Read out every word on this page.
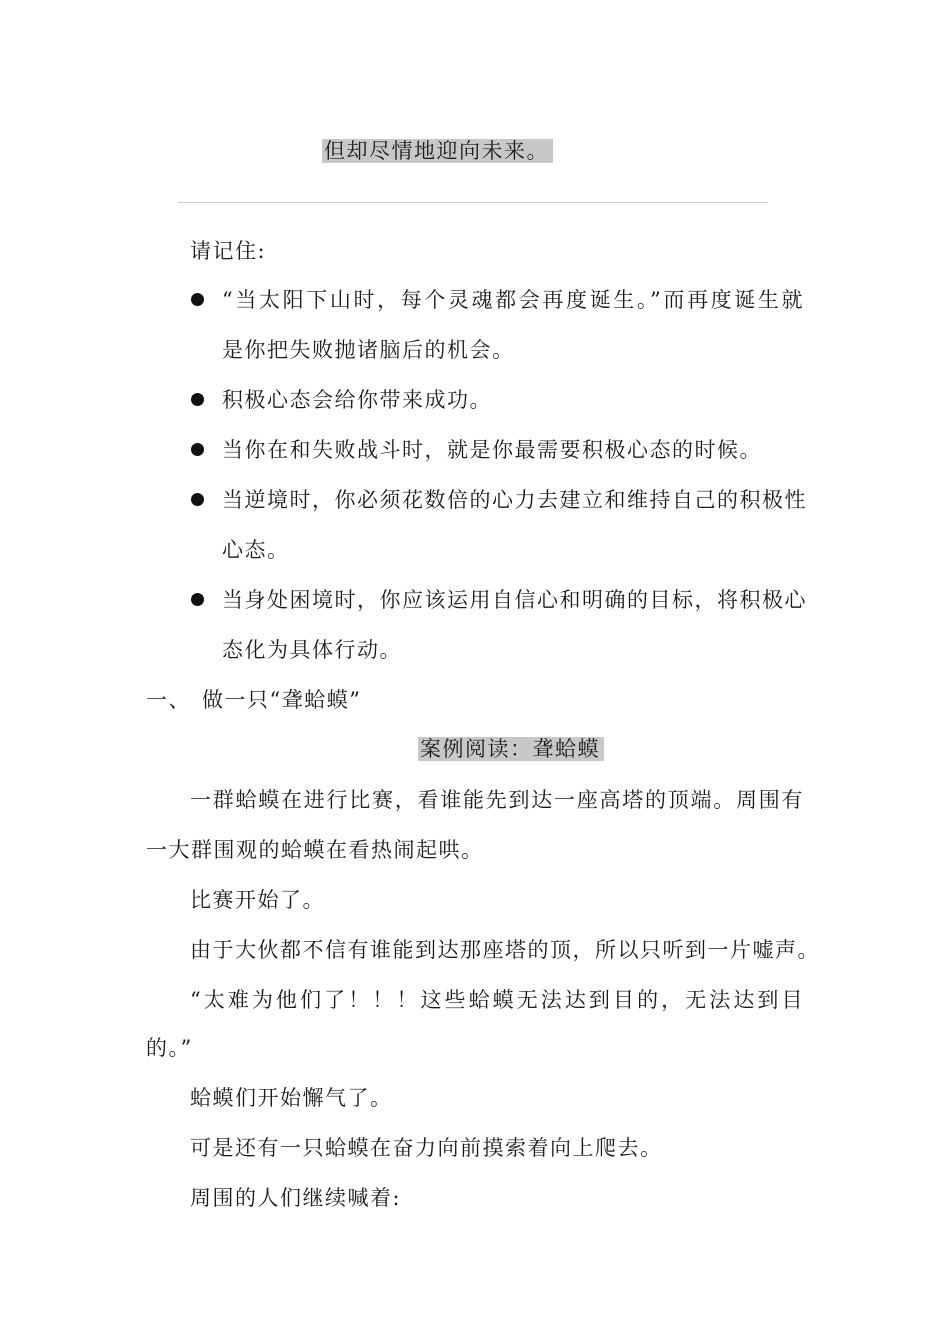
但却尽情地迎向未来。
请记住:
“当太阳下山时，每个灵魂都会再度诞生。”而再度诞生就
是你把失败抛诸脑后的机会。
积极心态会给你带来成功。
当你在和失败战斗时，就是你最需要积极心态的时候。
当逆境时，你必须花数倍的心力去建立和维持自己的积极性
心态。
当身处困境时，你应该运用自信心和明确的目标，将积极心
态化为具体行动。
一、 做一只“聋蛤蟆”
案例阅读：聋蛤蟆
一群蛤蟆在进行比赛，看谁能先到达一座高塔的顶端。周围有
一大群围观的蛤蟆在看热闹起哄。
比赛开始了。
由于大伙都不信有谁能到达那座塔的顶，所以只听到一片嘘声。
“太难为他们了！！！这些蛤蟆无法达到目的，无法达到目
的。”
蛤蟆们开始懈气了。
可是还有一只蛤蟆在奋力向前摸索着向上爬去。
周围的人们继续喊着:
